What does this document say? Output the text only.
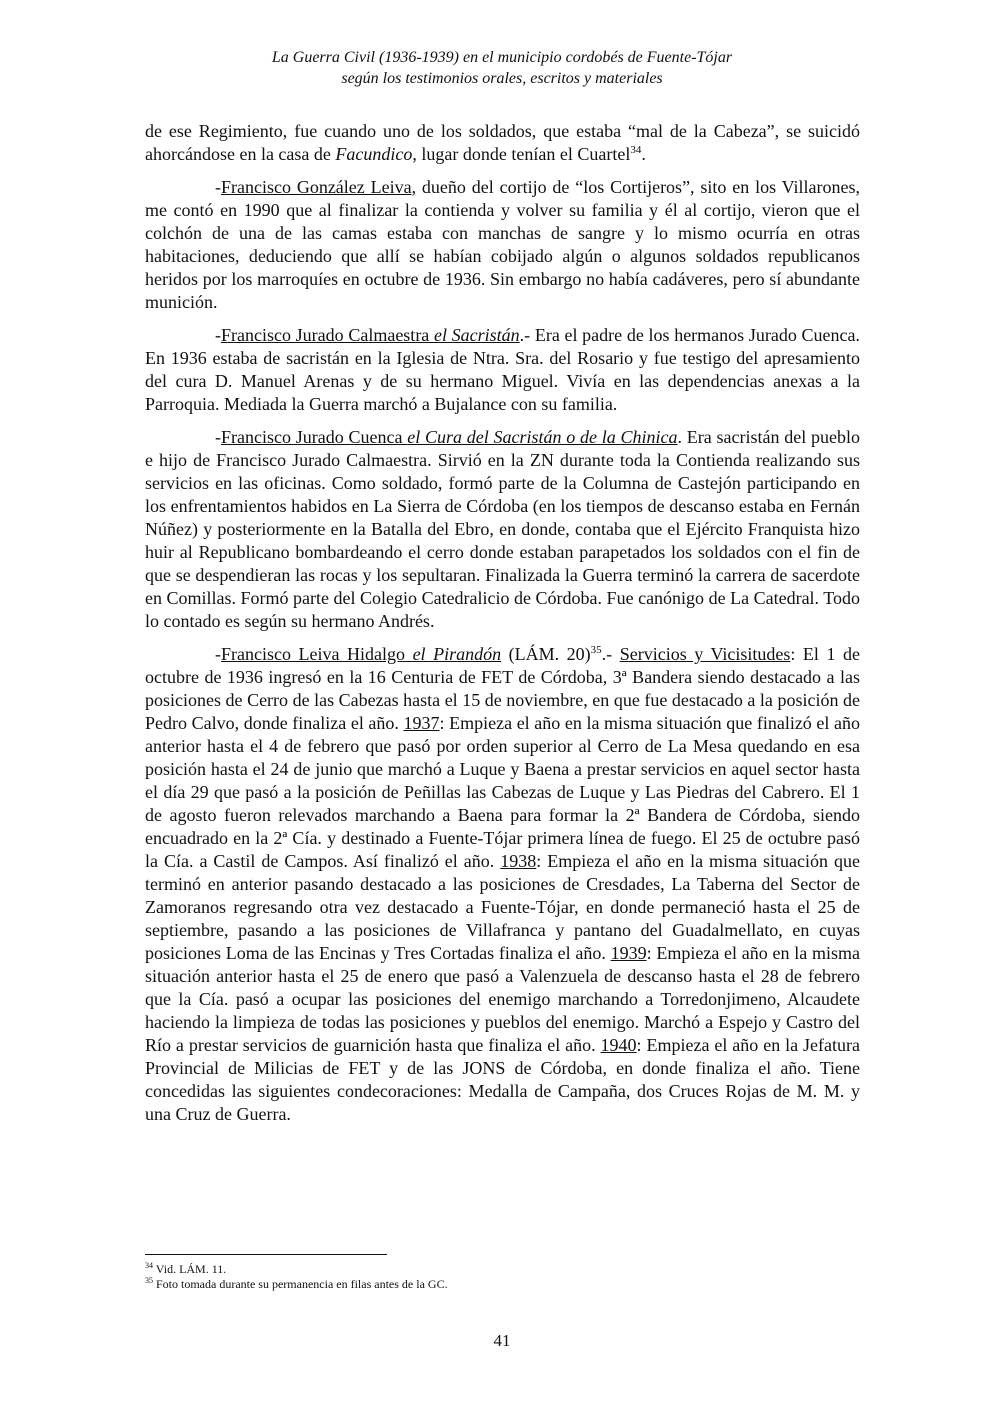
La Guerra Civil (1936-1939) en el municipio cordobés de Fuente-Tójar
según los testimonios orales, escritos y materiales

de ese Regimiento, fue cuando uno de los soldados, que estaba “mal de la Cabeza”, se suicidó ahorcándose en la casa de Facundico, lugar donde tenían el Cuartel$^{34}$.

-Francisco González Leiva, dueño del cortijo de “los Cortijeros”, sito en los Villarones, me contó en 1990 que al finalizar la contienda y volver su familia y él al cortijo, vieron que el colchón de una de las camas estaba con manchas de sangre y lo mismo ocurría en otras habitaciones, deduciendo que allí se habían cobijado algún o algunos soldados republicanos heridos por los marroquíes en octubre de 1936. Sin embargo no había cadáveres, pero sí abundante munición.

-Francisco Jurado Calmaestra el Sacristán.- Era el padre de los hermanos Jurado Cuenca. En 1936 estaba de sacristán en la Iglesia de Ntra. Sra. del Rosario y fue testigo del apresamiento del cura D. Manuel Arenas y de su hermano Miguel. Vivía en las dependencias anexas a la Parroquia. Mediada la Guerra marchó a Bujalance con su familia.

-Francisco Jurado Cuenca el Cura del Sacristán o de la Chinica. Era sacristán del pueblo e hijo de Francisco Jurado Calmaestra. Sirvió en la ZN durante toda la Contienda realizando sus servicios en las oficinas. Como soldado, formó parte de la Columna de Castejón participando en los enfrentamientos habidos en La Sierra de Córdoba (en los tiempos de descanso estaba en Fernán Núñez) y posteriormente en la Batalla del Ebro, en donde, contaba que el Ejército Franquista hizo huir al Republicano bombardeando el cerro donde estaban parapetados los soldados con el fin de que se despendieran las rocas y los sepultaran. Finalizada la Guerra terminó la carrera de sacerdote en Comillas. Formó parte del Colegio Catedralicio de Córdoba. Fue canónigo de La Catedral. Todo lo contado es según su hermano Andrés.

-Francisco Leiva Hidalgo el Pirandón (LÁM. 20)$^{35}$.- Servicios y Vicisitudes: El 1 de octubre de 1936 ingresó en la 16 Centuria de FET de Córdoba, 3ª Bandera siendo destacado a las posiciones de Cerro de las Cabezas hasta el 15 de noviembre, en que fue destacado a la posición de Pedro Calvo, donde finaliza el año. 1937: Empieza el año en la misma situación que finalizó el año anterior hasta el 4 de febrero que pasó por orden superior al Cerro de La Mesa quedando en esa posición hasta el 24 de junio que marchó a Luque y Baena a prestar servicios en aquel sector hasta el día 29 que pasó a la posición de Peñillas las Cabezas de Luque y Las Piedras del Cabrero. El 1 de agosto fueron relevados marchando a Baena para formar la 2ª Bandera de Córdoba, siendo encuadrado en la 2ª Cía. y destinado a Fuente-Tójar primera línea de fuego. El 25 de octubre pasó la Cía. a Castil de Campos. Así finalizó el año. 1938: Empieza el año en la misma situación que terminó en anterior pasando destacado a las posiciones de Cresdades, La Taberna del Sector de Zamoranos regresando otra vez destacado a Fuente-Tójar, en donde permaneció hasta el 25 de septiembre, pasando a las posiciones de Villafranca y pantano del Guadalmellato, en cuyas posiciones Loma de las Encinas y Tres Cortadas finaliza el año. 1939: Empieza el año en la misma situación anterior hasta el 25 de enero que pasó a Valenzuela de descanso hasta el 28 de febrero que la Cía. pasó a ocupar las posiciones del enemigo marchando a Torredonjimeno, Alcaudete haciendo la limpieza de todas las posiciones y pueblos del enemigo. Marchó a Espejo y Castro del Río a prestar servicios de guarnición hasta que finaliza el año. 1940: Empieza el año en la Jefatura Provincial de Milicias de FET y de las JONS de Córdoba, en donde finaliza el año. Tiene concedidas las siguientes condecoraciones: Medalla de Campaña, dos Cruces Rojas de M. M. y una Cruz de Guerra.

$^{34}$ Vid. LÁM. 11.
$^{35}$ Foto tomada durante su permanencia en filas antes de la GC.
41
